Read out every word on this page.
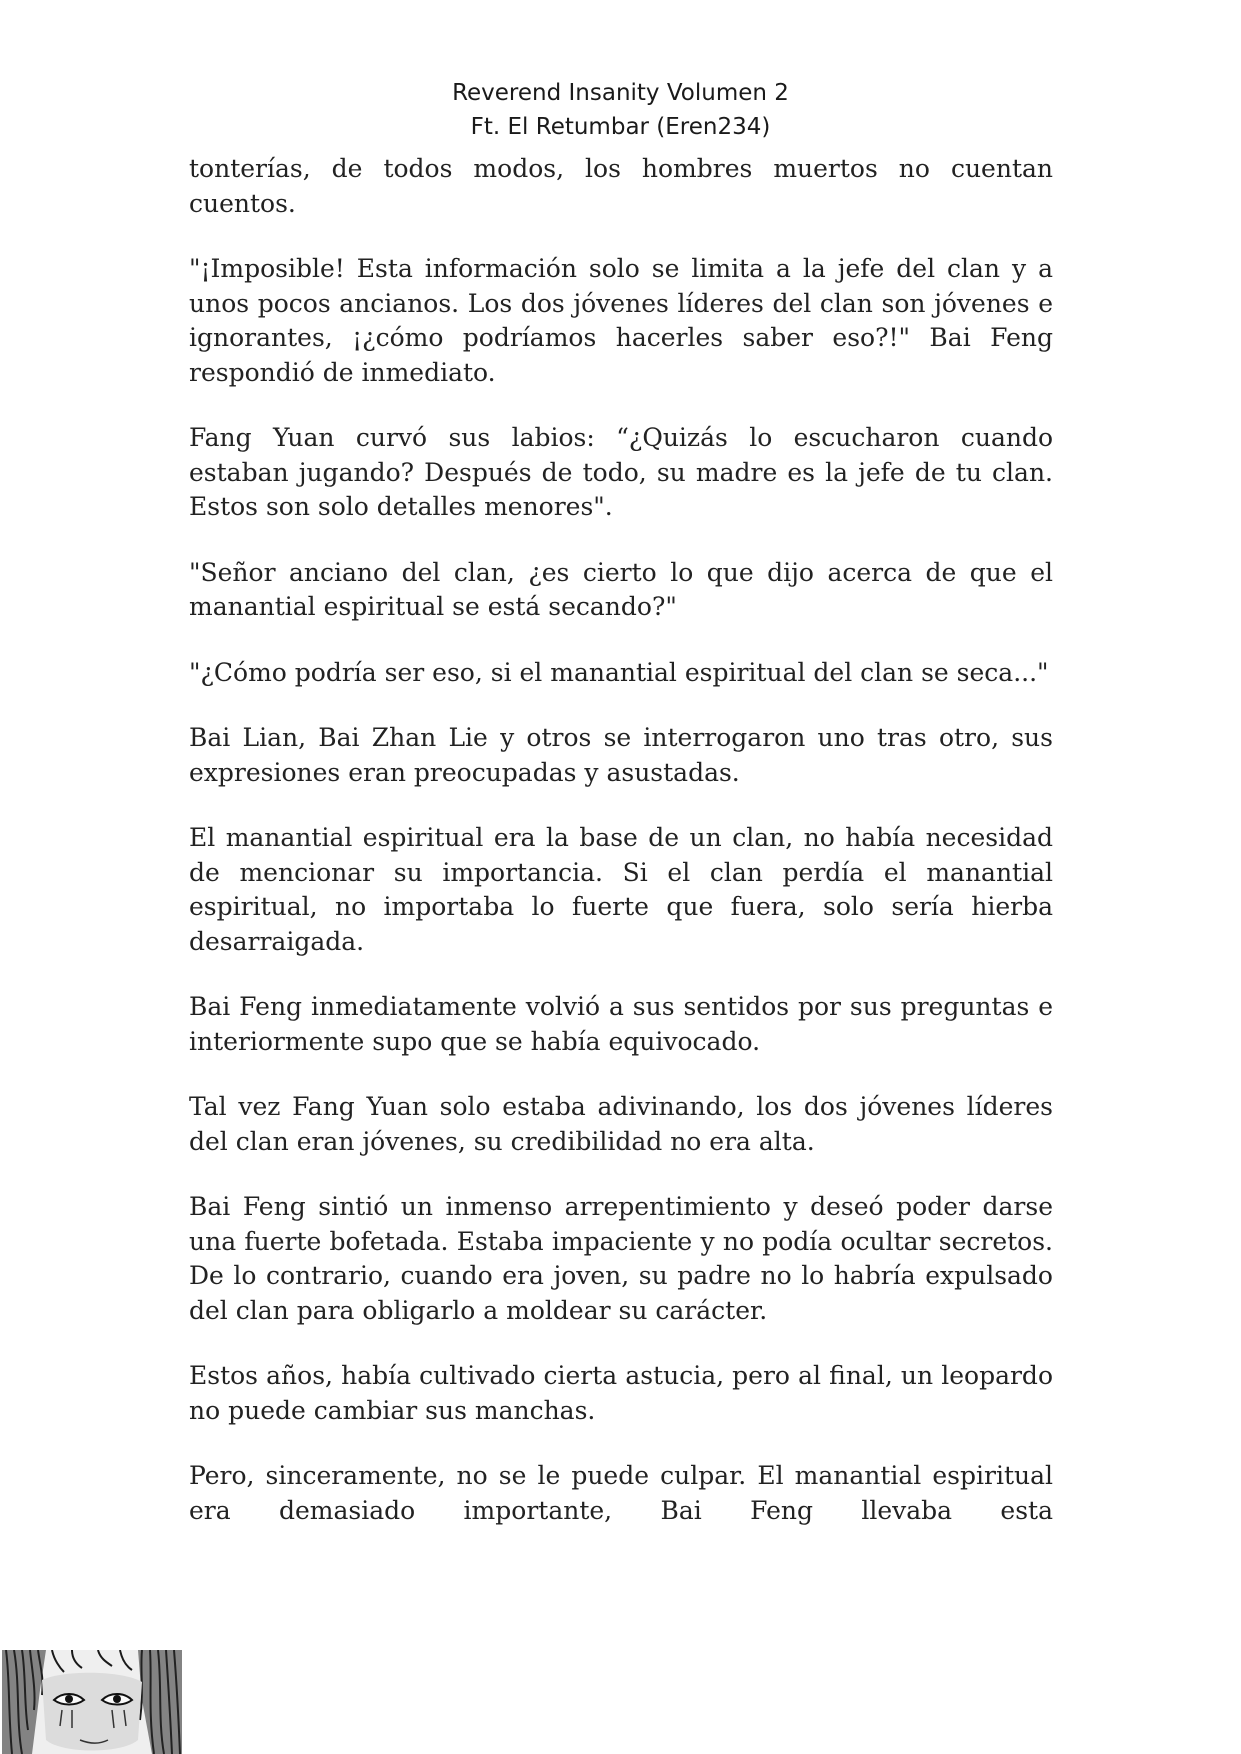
Reverend Insanity Volumen 2
Ft. El Retumbar (Eren234)

tonterías, de todos modos, los hombres muertos no cuentan cuentos.

"¡Imposible! Esta información solo se limita a la jefe del clan y a unos pocos ancianos. Los dos jóvenes líderes del clan son jóvenes e ignorantes, ¡¿cómo podríamos hacerles saber eso?!" Bai Feng respondió de inmediato.

Fang Yuan curvó sus labios: “¿Quizás lo escucharon cuando estaban jugando? Después de todo, su madre es la jefe de tu clan. Estos son solo detalles menores".

"Señor anciano del clan, ¿es cierto lo que dijo acerca de que el manantial espiritual se está secando?"

"¿Cómo podría ser eso, si el manantial espiritual del clan se seca..."

Bai Lian, Bai Zhan Lie y otros se interrogaron uno tras otro, sus expresiones eran preocupadas y asustadas.

El manantial espiritual era la base de un clan, no había necesidad de mencionar su importancia. Si el clan perdía el manantial espiritual, no importaba lo fuerte que fuera, solo sería hierba desarraigada.

Bai Feng inmediatamente volvió a sus sentidos por sus preguntas e interiormente supo que se había equivocado.

Tal vez Fang Yuan solo estaba adivinando, los dos jóvenes líderes del clan eran jóvenes, su credibilidad no era alta.

Bai Feng sintió un inmenso arrepentimiento y deseó poder darse una fuerte bofetada. Estaba impaciente y no podía ocultar secretos. De lo contrario, cuando era joven, su padre no lo habría expulsado del clan para obligarlo a moldear su carácter.

Estos años, había cultivado cierta astucia, pero al final, un leopardo no puede cambiar sus manchas.

Pero, sinceramente, no se le puede culpar. El manantial espiritual era demasiado importante, Bai Feng llevaba esta
